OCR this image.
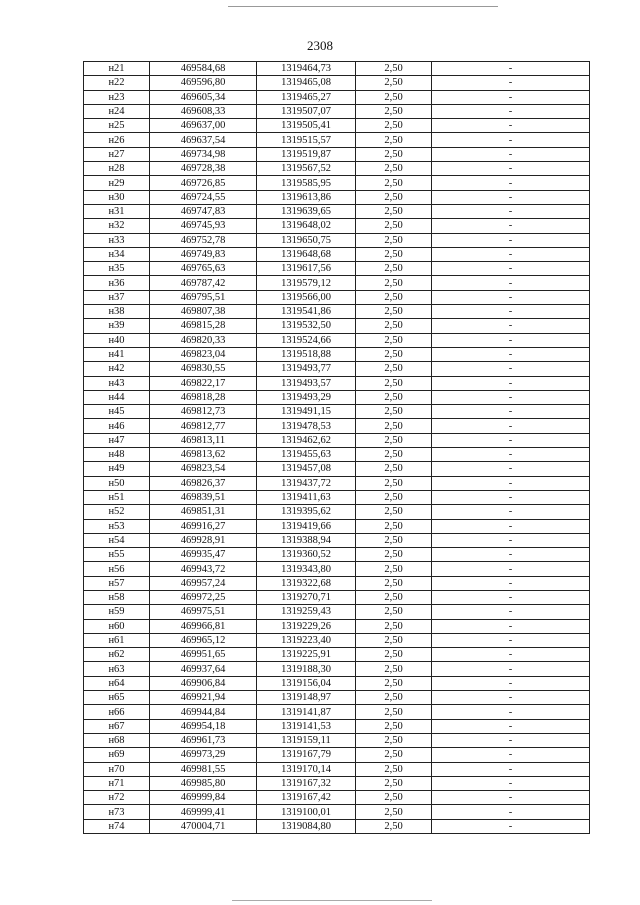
2308
н21	469584,68	1319464,73	2,50	-
н22	469596,80	1319465,08	2,50	-
н23	469605,34	1319465,27	2,50	-
н24	469608,33	1319507,07	2,50	-
н25	469637,00	1319505,41	2,50	-
н26	469637,54	1319515,57	2,50	-
н27	469734,98	1319519,87	2,50	-
н28	469728,38	1319567,52	2,50	-
н29	469726,85	1319585,95	2,50	-
н30	469724,55	1319613,86	2,50	-
н31	469747,83	1319639,65	2,50	-
н32	469745,93	1319648,02	2,50	-
н33	469752,78	1319650,75	2,50	-
н34	469749,83	1319648,68	2,50	-
н35	469765,63	1319617,56	2,50	-
н36	469787,42	1319579,12	2,50	-
н37	469795,51	1319566,00	2,50	-
н38	469807,38	1319541,86	2,50	-
н39	469815,28	1319532,50	2,50	-
н40	469820,33	1319524,66	2,50	-
н41	469823,04	1319518,88	2,50	-
н42	469830,55	1319493,77	2,50	-
н43	469822,17	1319493,57	2,50	-
н44	469818,28	1319493,29	2,50	-
н45	469812,73	1319491,15	2,50	-
н46	469812,77	1319478,53	2,50	-
н47	469813,11	1319462,62	2,50	-
н48	469813,62	1319455,63	2,50	-
н49	469823,54	1319457,08	2,50	-
н50	469826,37	1319437,72	2,50	-
н51	469839,51	1319411,63	2,50	-
н52	469851,31	1319395,62	2,50	-
н53	469916,27	1319419,66	2,50	-
н54	469928,91	1319388,94	2,50	-
н55	469935,47	1319360,52	2,50	-
н56	469943,72	1319343,80	2,50	-
н57	469957,24	1319322,68	2,50	-
н58	469972,25	1319270,71	2,50	-
н59	469975,51	1319259,43	2,50	-
н60	469966,81	1319229,26	2,50	-
н61	469965,12	1319223,40	2,50	-
н62	469951,65	1319225,91	2,50	-
н63	469937,64	1319188,30	2,50	-
н64	469906,84	1319156,04	2,50	-
н65	469921,94	1319148,97	2,50	-
н66	469944,84	1319141,87	2,50	-
н67	469954,18	1319141,53	2,50	-
н68	469961,73	1319159,11	2,50	-
н69	469973,29	1319167,79	2,50	-
н70	469981,55	1319170,14	2,50	-
н71	469985,80	1319167,32	2,50	-
н72	469999,84	1319167,42	2,50	-
н73	469999,41	1319100,01	2,50	-
н74	470004,71	1319084,80	2,50	-
